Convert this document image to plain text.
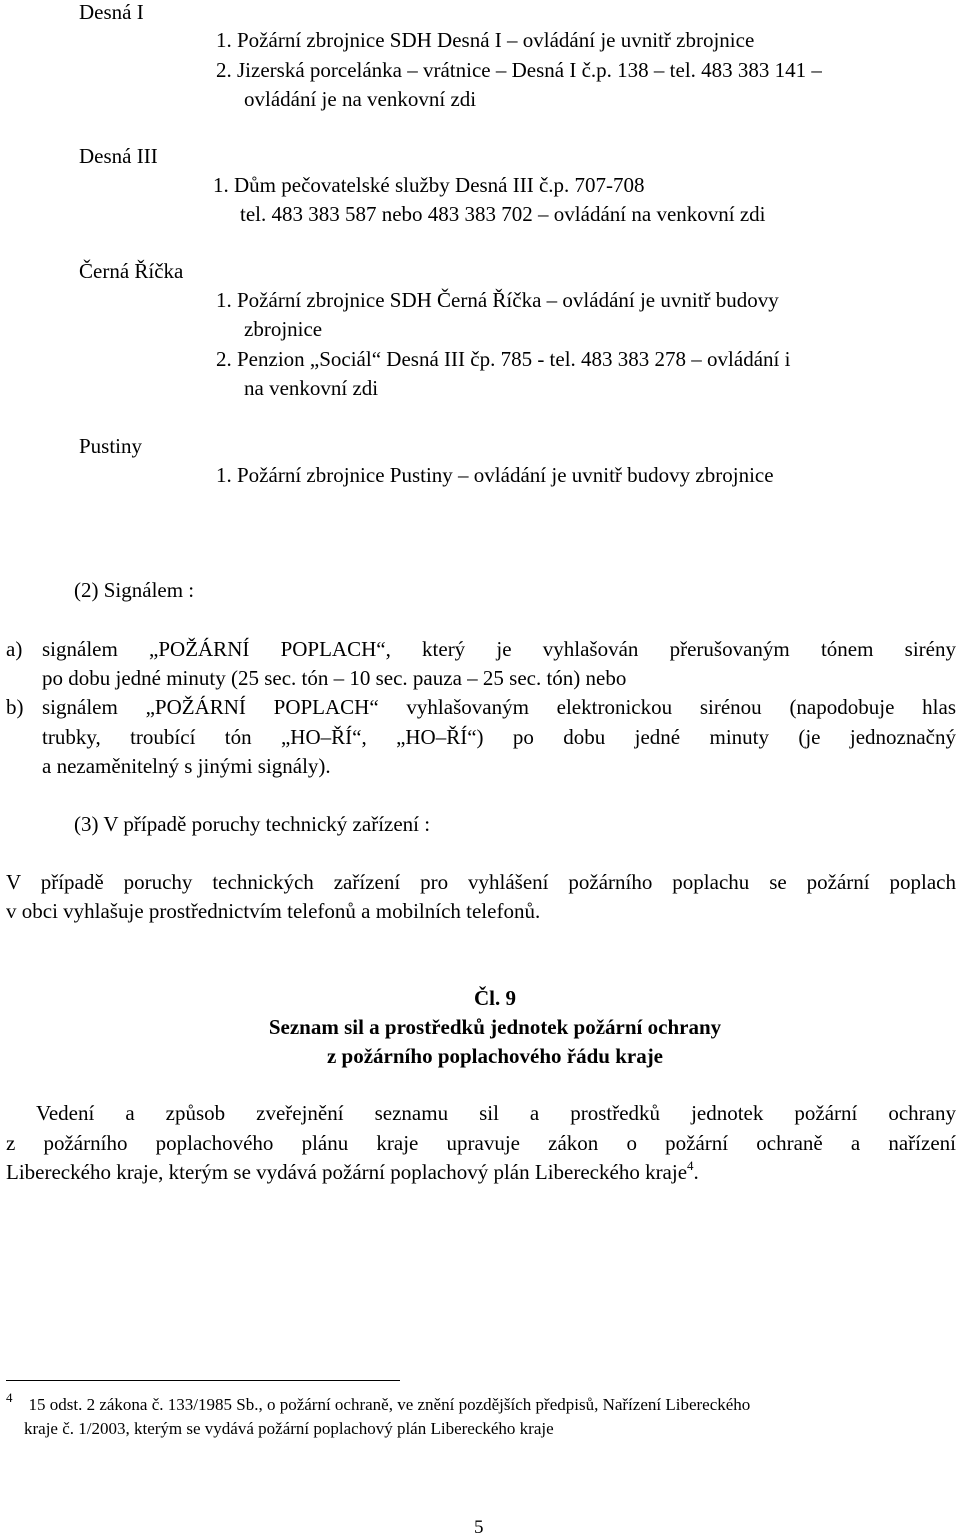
Desná I
1. Požární zbrojnice SDH Desná I – ovládání je uvnitř zbrojnice
2. Jizerská porcelánka – vrátnice – Desná I č.p. 138 – tel. 483 383 141 –
ovládání je na venkovní zdi
Desná III
1. Dům pečovatelské služby Desná III č.p. 707-708
tel. 483 383 587 nebo 483 383 702 – ovládání na venkovní zdi
Černá Říčka
1. Požární zbrojnice SDH Černá Říčka – ovládání je uvnitř budovy
zbrojnice
2. Penzion „Sociál“ Desná III čp. 785 - tel. 483 383 278 – ovládání i
na venkovní zdi
Pustiny
1. Požární zbrojnice Pustiny – ovládání je uvnitř budovy zbrojnice
(2) Signálem :
a) signálem „POŽÁRNÍ POPLACH“, který je vyhlašován přerušovaným tónem sirény
po dobu jedné minuty (25 sec. tón – 10 sec. pauza – 25 sec. tón) nebo
b) signálem „POŽÁRNÍ POPLACH“ vyhlašovaným elektronickou sirénou (napodobuje hlas
trubky, troubící tón „HO–ŘÍ“, „HO–ŘÍ“) po dobu jedné minuty (je jednoznačný
a nezaměnitelný s jinými signály).
(3) V případě poruchy technický zařízení :
V případě poruchy technických zařízení pro vyhlášení požárního poplachu se požární poplach
v obci vyhlašuje prostřednictvím telefonů a mobilních telefonů.
Čl. 9
Seznam sil a prostředků jednotek požární ochrany
z požárního poplachového řádu kraje
Vedení a způsob zveřejnění seznamu sil a prostředků jednotek požární ochrany
z požárního poplachového plánu kraje upravuje zákon o požární ochraně a nařízení
Libereckého kraje, kterým se vydává požární poplachový plán Libereckého kraje$^4$.
$^4$ 15 odst. 2 zákona č. 133/1985 Sb., o požární ochraně, ve znění pozdějších předpisů, Nařízení Libereckého
kraje č. 1/2003, kterým se vydává požární poplachový plán Libereckého kraje
5
